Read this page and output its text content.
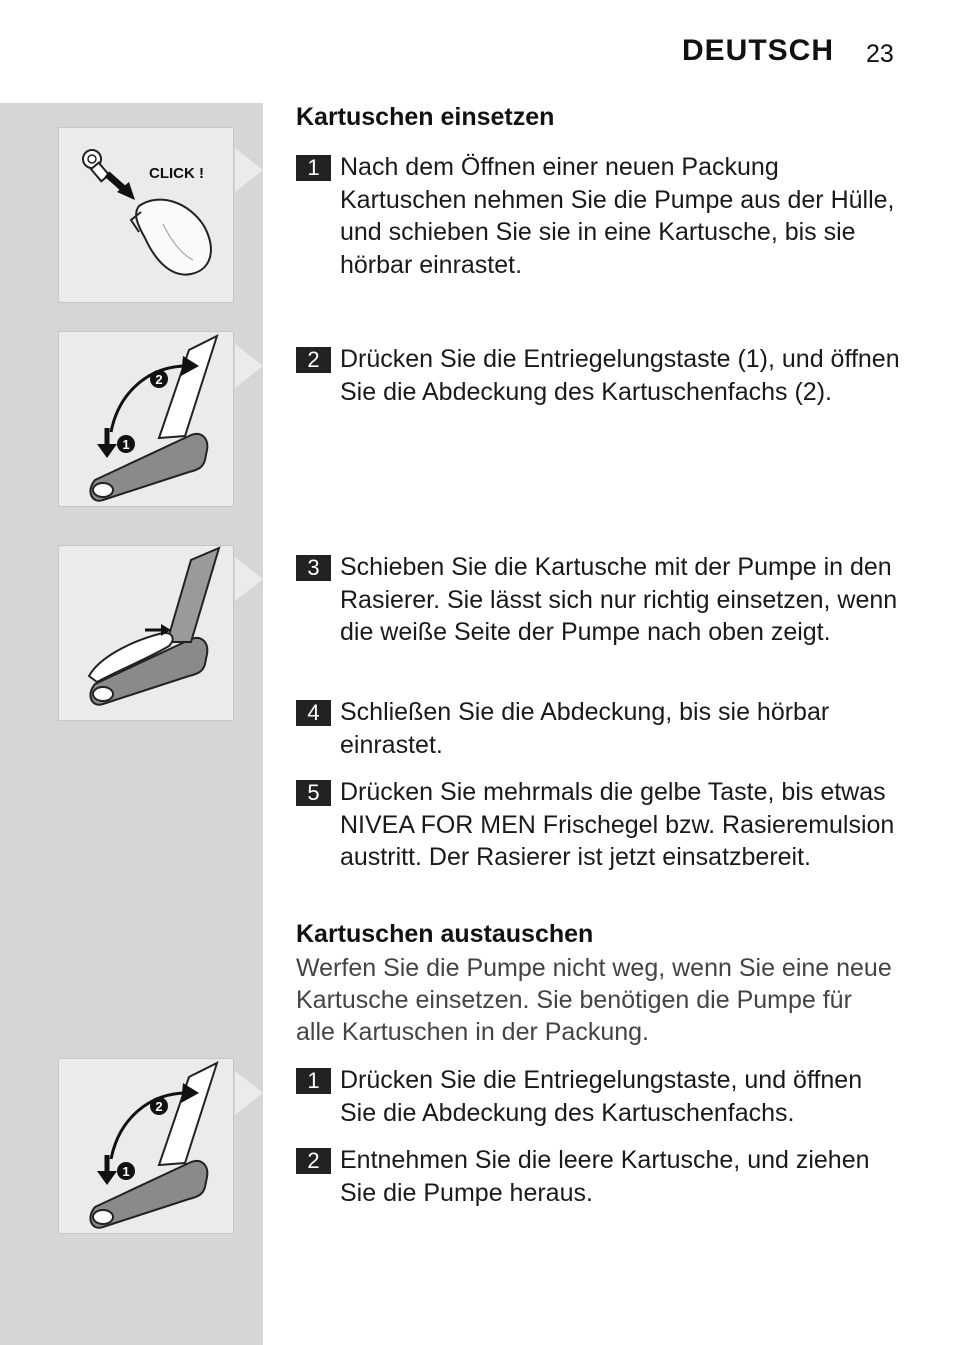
DEUTSCH 23
CLICK !
2
1
2
1
Kartuschen einsetzen
1 Nach dem Öffnen einer neuen Packung Kartuschen nehmen Sie die Pumpe aus der Hülle, und schieben Sie sie in eine Kartusche, bis sie hörbar einrastet.
2 Drücken Sie die Entriegelungstaste (1), und öffnen Sie die Abdeckung des Kartuschenfachs (2).
3 Schieben Sie die Kartusche mit der Pumpe in den Rasierer. Sie lässt sich nur richtig einsetzen, wenn die weiße Seite der Pumpe nach oben zeigt.
4 Schließen Sie die Abdeckung, bis sie hörbar einrastet.
5 Drücken Sie mehrmals die gelbe Taste, bis etwas NIVEA FOR MEN Frischegel bzw. Rasieremulsion austritt. Der Rasierer ist jetzt einsatzbereit.
Kartuschen austauschen
Werfen Sie die Pumpe nicht weg, wenn Sie eine neue Kartusche einsetzen. Sie benötigen die Pumpe für alle Kartuschen in der Packung.
1 Drücken Sie die Entriegelungstaste, und öffnen Sie die Abdeckung des Kartuschenfachs.
2 Entnehmen Sie die leere Kartusche, und ziehen Sie die Pumpe heraus.
